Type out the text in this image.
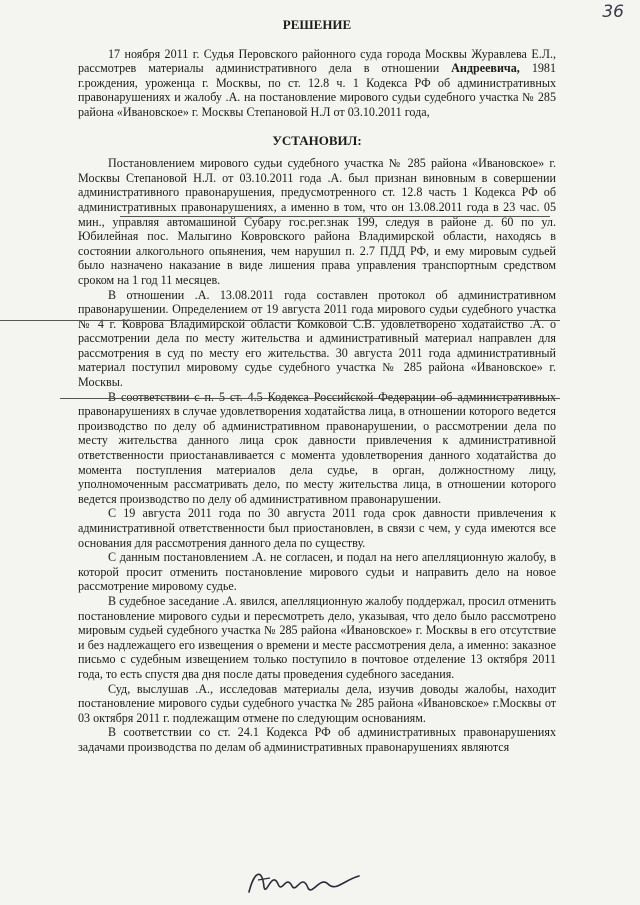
36
РЕШЕНИЕ

17 ноября 2011 г. Судья Перовского районного суда города Москвы Журавлева Е.Л., рассмотрев материалы административного дела в отношении Андреевича, 1981 г.рождения, уроженца г. Москвы, по ст. 12.8 ч. 1 Кодекса РФ об административных правонарушениях и жалобу .А. на постановление мирового судьи судебного участка № 285 района «Ивановское» г. Москвы Степановой Н.Л от 03.10.2011 года,

УСТАНОВИЛ:

Постановлением мирового судьи судебного участка № 285 района «Ивановское» г. Москвы Степановой Н.Л. от 03.10.2011 года .А. был признан виновным в совершении административного правонарушения, предусмотренного ст. 12.8 часть 1 Кодекса РФ об административных правонарушениях, а именно в том, что он 13.08.2011 года в 23 час. 05 мин., управляя автомашиной Субару гос.рег.знак 199, следуя в районе д. 60 по ул. Юбилейная пос. Малыгино Ковровского района Владимирской области, находясь в состоянии алкогольного опьянения, чем нарушил п. 2.7 ПДД РФ, и ему мировым судьей было назначено наказание в виде лишения права управления транспортным средством сроком на 1 год 11 месяцев.

В отношении .А. 13.08.2011 года составлен протокол об административном правонарушении. Определением от 19 августа 2011 года мирового судьи судебного участка № 4 г. Коврова Владимирской области Комковой С.В. удовлетворено ходатайство .А. о рассмотрении дела по месту жительства и административный материал направлен для рассмотрения в суд по месту его жительства. 30 августа 2011 года административный материал поступил мировому судье судебного участка № 285 района «Ивановское» г. Москвы.

В соответствии с п. 5 ст. 4.5 Кодекса Российской Федерации об административных правонарушениях в случае удовлетворения ходатайства лица, в отношении которого ведется производство по делу об административном правонарушении, о рассмотрении дела по месту жительства данного лица срок давности привлечения к административной ответственности приостанавливается с момента удовлетворения данного ходатайства до момента поступления материалов дела судье, в орган, должностному лицу, уполномоченным рассматривать дело, по месту жительства лица, в отношении которого ведется производство по делу об административном правонарушении.

С 19 августа 2011 года по 30 августа 2011 года срок давности привлечения к административной ответственности был приостановлен, в связи с чем, у суда имеются все основания для рассмотрения данного дела по существу.

С данным постановлением .А. не согласен, и подал на него апелляционную жалобу, в которой просит отменить постановление мирового судьи и направить дело на новое рассмотрение мировому судье.

В судебное заседание .А. явился, апелляционную жалобу поддержал, просил отменить постановление мирового судьи и пересмотреть дело, указывая, что дело было рассмотрено мировым судьей судебного участка № 285 района «Ивановское» г. Москвы в его отсутствие и без надлежащего его извещения о времени и месте рассмотрения дела, а именно: заказное письмо с судебным извещением только поступило в почтовое отделение 13 октября 2011 года, то есть спустя два дня после даты проведения судебного заседания.

Суд, выслушав .А., исследовав материалы дела, изучив доводы жалобы, находит постановление мирового судьи судебного участка № 285 района «Ивановское» г.Москвы от 03 октября 2011 г. подлежащим отмене по следующим основаниям.

В соответствии со ст. 24.1 Кодекса РФ об административных правонарушениях задачами производства по делам об административных правонарушениях являются
